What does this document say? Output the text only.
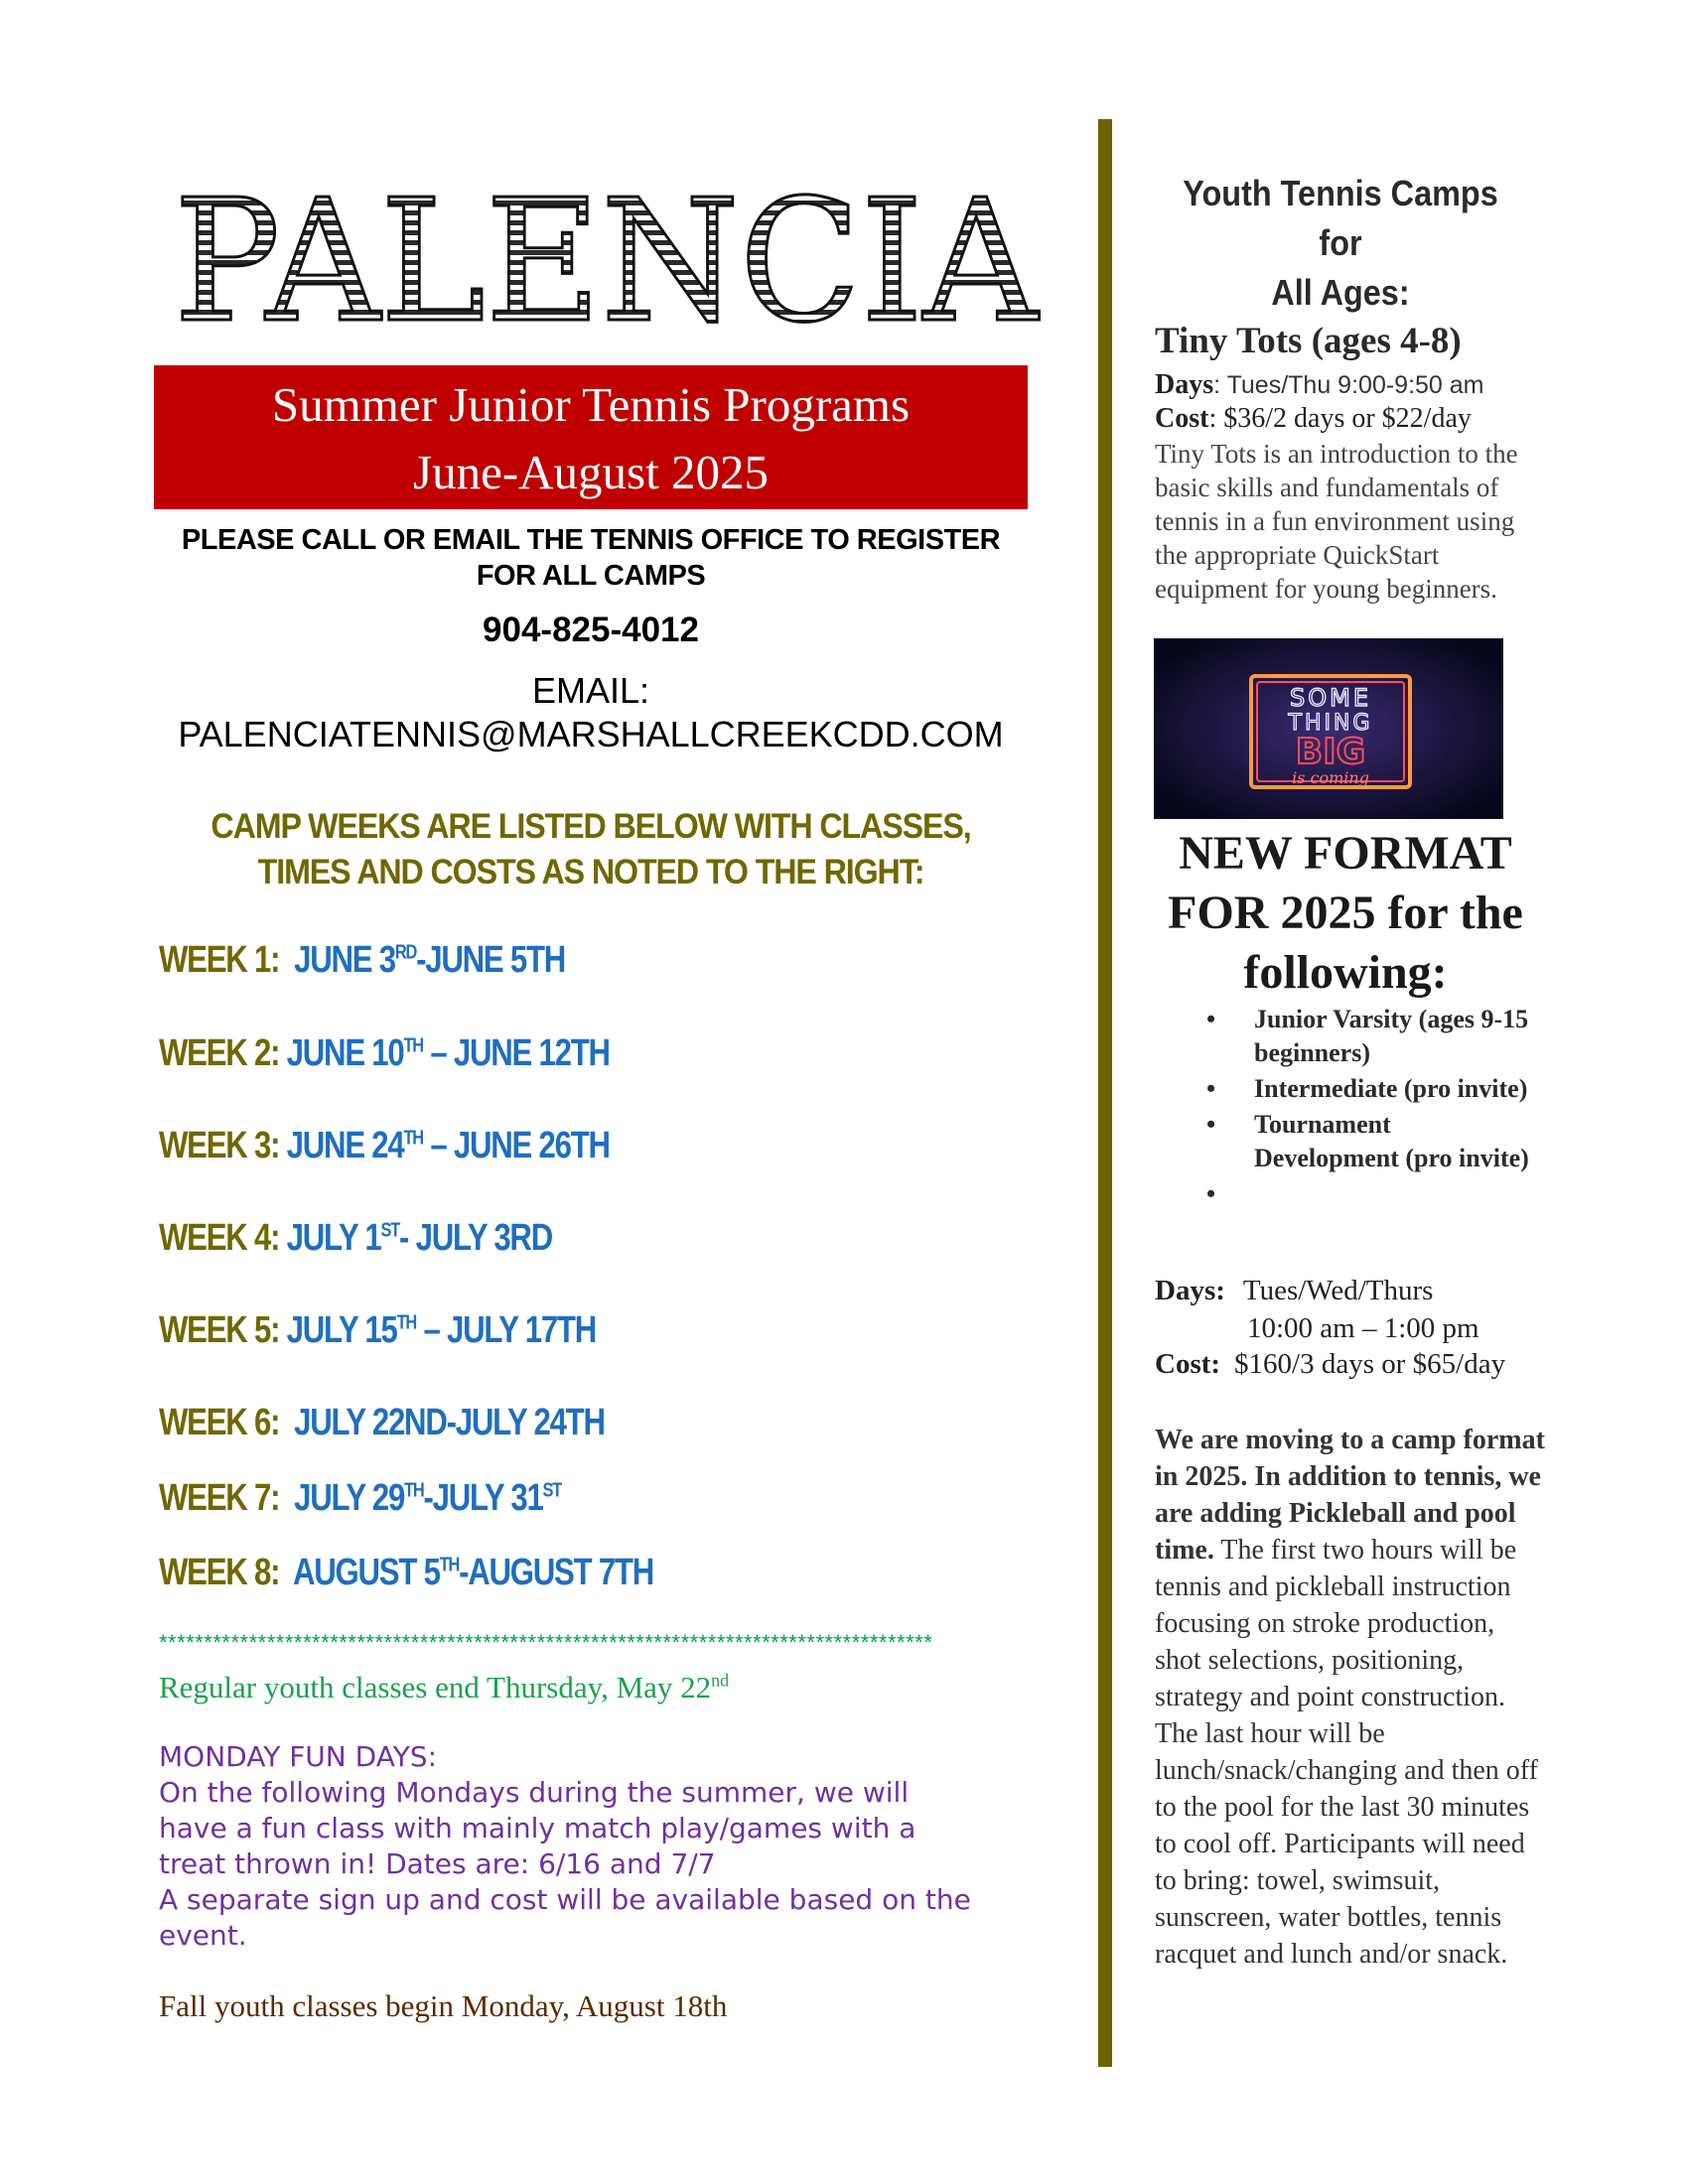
PALENCIA
Summer Junior Tennis Programs
June-August 2025
PLEASE CALL OR EMAIL THE TENNIS OFFICE TO REGISTER FOR ALL CAMPS
904-825-4012
EMAIL:
PALENCIATENNIS@MARSHALLCREEKCDD.COM
CAMP WEEKS ARE LISTED BELOW WITH CLASSES, TIMES AND COSTS AS NOTED TO THE RIGHT:
WEEK 1: JUNE 3RD-JUNE 5TH
WEEK 2: JUNE 10TH – JUNE 12TH
WEEK 3: JUNE 24TH – JUNE 26TH
WEEK 4: JULY 1ST- JULY 3RD
WEEK 5: JULY 15TH – JULY 17TH
WEEK 6: JULY 22ND-JULY 24TH
WEEK 7: JULY 29TH-JULY 31ST
WEEK 8: AUGUST 5TH-AUGUST 7TH
**************************************************************************************
Regular youth classes end Thursday, May 22nd
MONDAY FUN DAYS:
On the following Mondays during the summer, we will
have a fun class with mainly match play/games with a
treat thrown in! Dates are: 6/16 and 7/7
A separate sign up and cost will be available based on the
event.
Fall youth classes begin Monday, August 18th
Youth Tennis Camps for
All Ages:
Tiny Tots (ages 4-8)
Days: Tues/Thu 9:00-9:50 am
Cost: $36/2 days or $22/day
Tiny Tots is an introduction to the basic skills and fundamentals of tennis in a fun environment using the appropriate QuickStart equipment for young beginners.
SOME
THING
BIG
is coming
NEW FORMAT
FOR 2025 for the
following:
• Junior Varsity (ages 9-15 beginners)
• Intermediate (pro invite)
• Tournament Development (pro invite)
•
Days: Tues/Wed/Thurs
10:00 am – 1:00 pm
Cost: $160/3 days or $65/day
We are moving to a camp format in 2025. In addition to tennis, we are adding Pickleball and pool time. The first two hours will be tennis and pickleball instruction focusing on stroke production, shot selections, positioning, strategy and point construction. The last hour will be lunch/snack/changing and then off to the pool for the last 30 minutes to cool off. Participants will need to bring: towel, swimsuit, sunscreen, water bottles, tennis racquet and lunch and/or snack.
